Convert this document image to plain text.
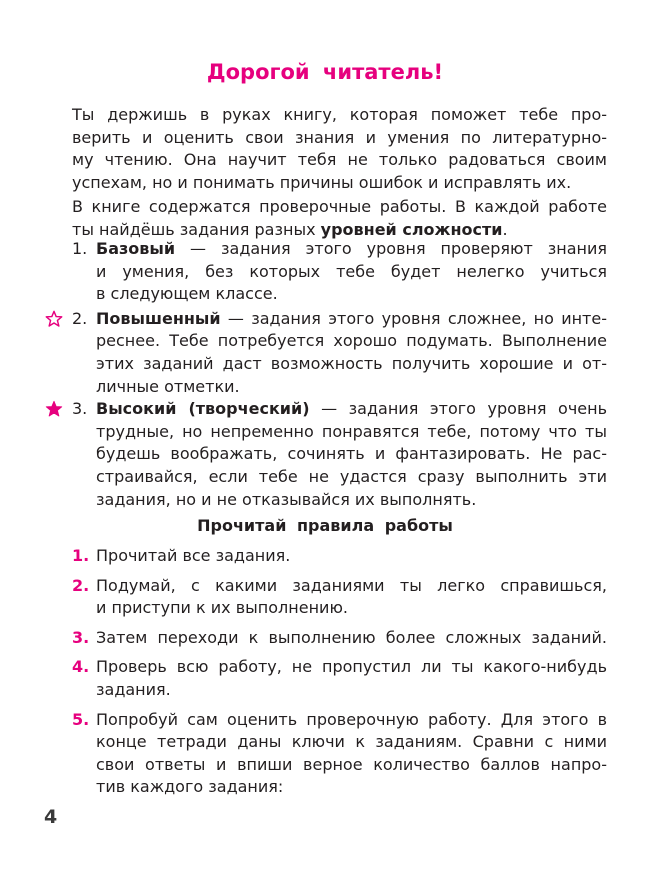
Дорогой читатель!
Ты держишь в руках книгу, которая поможет тебе про-
верить и оценить свои знания и умения по литературно-
му чтению. Она научит тебя не только радоваться своим
успехам, но и понимать причины ошибок и исправлять их.
В книге содержатся проверочные работы. В каждой работе
ты найдёшь задания разных уровней сложности.
1. Базовый — задания этого уровня проверяют знания
и умения, без которых тебе будет нелегко учиться
в следующем классе.
2. Повышенный — задания этого уровня сложнее, но инте-
реснее. Тебе потребуется хорошо подумать. Выполнение
этих заданий даст возможность получить хорошие и от-
личные отметки.
3. Высокий (творческий) — задания этого уровня очень
трудные, но непременно понравятся тебе, потому что ты
будешь воображать, сочинять и фантазировать. Не рас-
страивайся, если тебе не удастся сразу выполнить эти
задания, но и не отказывайся их выполнять.
Прочитай правила работы
1. Прочитай все задания.
2. Подумай, с какими заданиями ты легко справишься,
и приступи к их выполнению.
3. Затем переходи к выполнению более сложных заданий.
4. Проверь всю работу, не пропустил ли ты какого-нибудь
задания.
5. Попробуй сам оценить проверочную работу. Для этого в
конце тетради даны ключи к заданиям. Сравни с ними
свои ответы и впиши верное количество баллов напро-
тив каждого задания:
4
